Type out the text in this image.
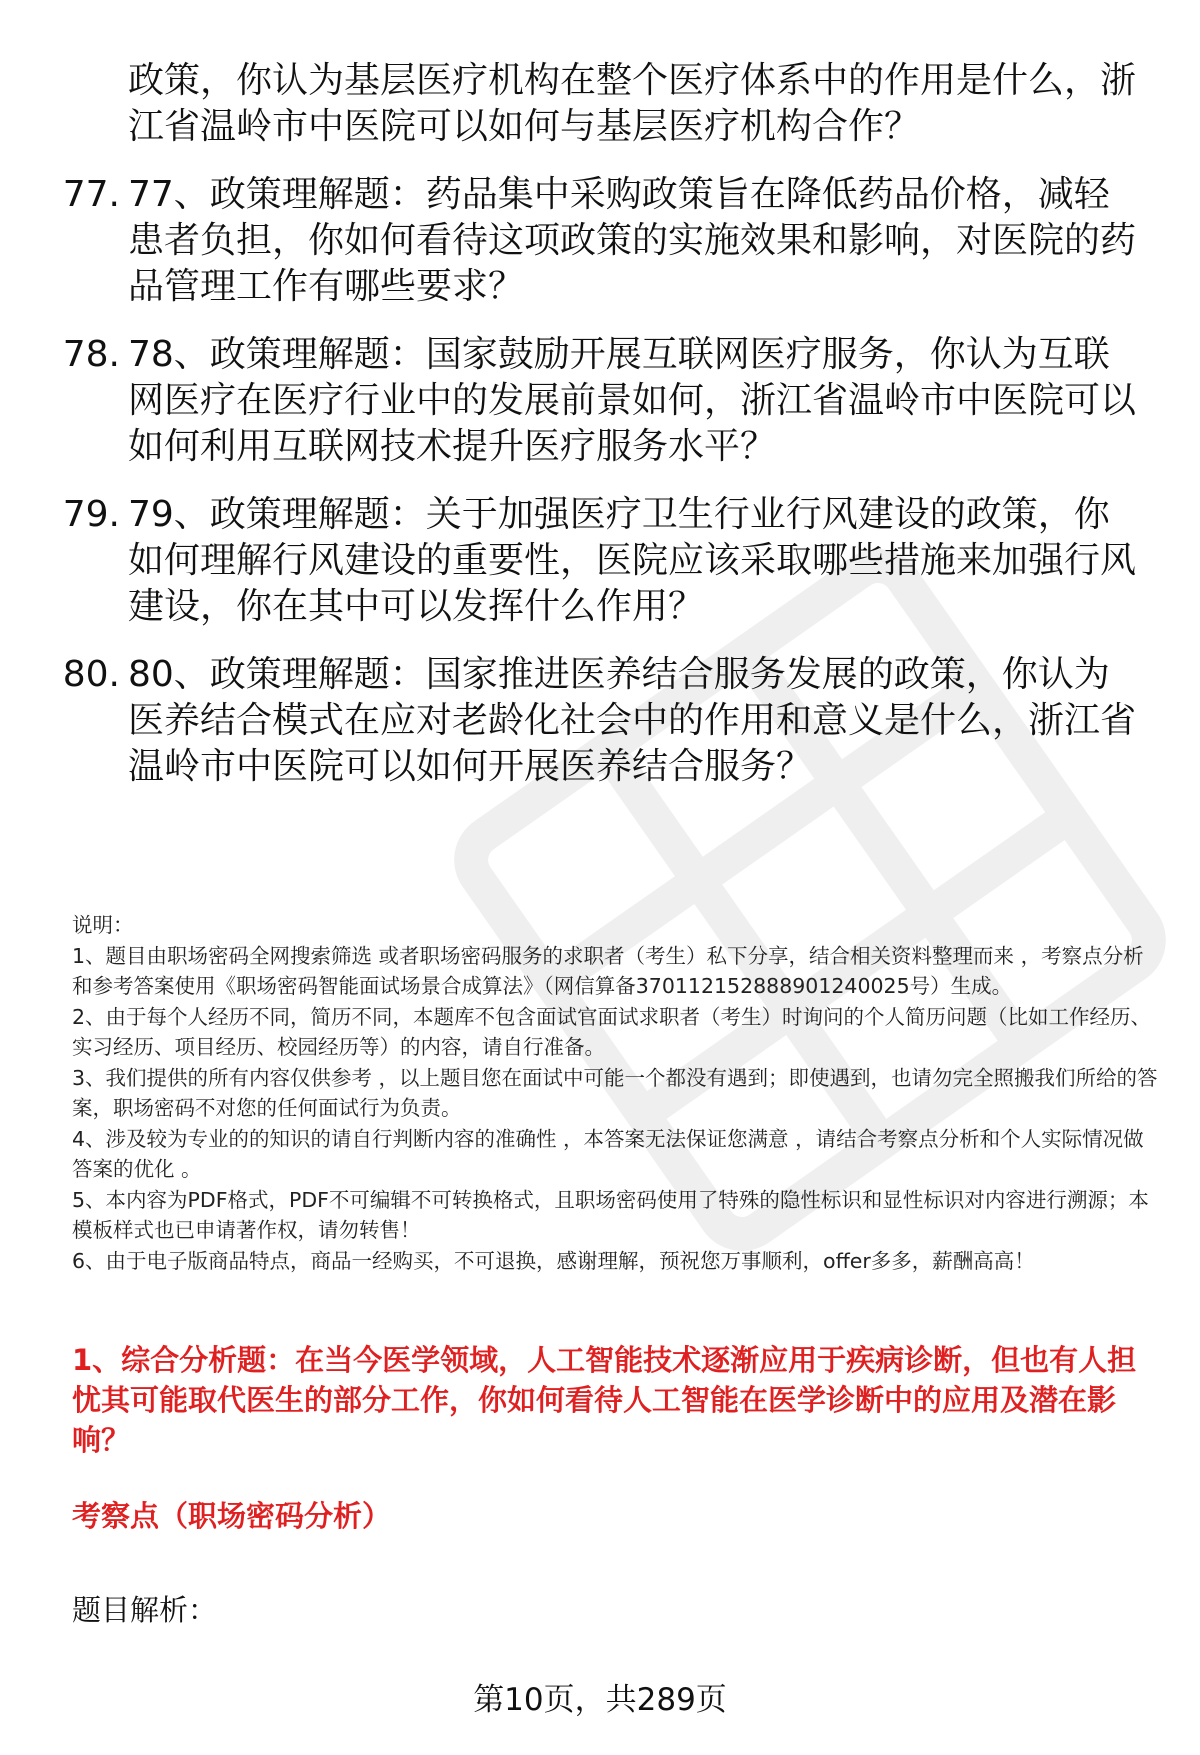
政策，你认为基层医疗机构在整个医疗体系中的作用是什么，浙江省温岭市中医院可以如何与基层医疗机构合作？
77. 77、政策理解题：药品集中采购政策旨在降低药品价格，减轻患者负担，你如何看待这项政策的实施效果和影响，对医院的药品管理工作有哪些要求？
78. 78、政策理解题：国家鼓励开展互联网医疗服务，你认为互联网医疗在医疗行业中的发展前景如何，浙江省温岭市中医院可以如何利用互联网技术提升医疗服务水平？
79. 79、政策理解题：关于加强医疗卫生行业行风建设的政策，你如何理解行风建设的重要性，医院应该采取哪些措施来加强行风建设，你在其中可以发挥什么作用？
80. 80、政策理解题：国家推进医养结合服务发展的政策，你认为医养结合模式在应对老龄化社会中的作用和意义是什么，浙江省温岭市中医院可以如何开展医养结合服务？

说明：

1、题目由职场密码全网搜索筛选 或者职场密码服务的求职者（考生）私下分享，结合相关资料整理而来 ，考察点分析和参考答案使用《职场密码智能面试场景合成算法》（网信算备370112152888901240025号）生成。

2、由于每个人经历不同，简历不同，本题库不包含面试官面试求职者（考生）时询问的个人简历问题（比如工作经历、实习经历、项目经历、校园经历等）的内容，请自行准备。

3、我们提供的所有内容仅供参考 ，以上题目您在面试中可能一个都没有遇到；即使遇到，也请勿完全照搬我们所给的答案，职场密码不对您的任何面试行为负责。

4、涉及较为专业的的知识的请自行判断内容的准确性 ，本答案无法保证您满意 ，请结合考察点分析和个人实际情况做答案的优化 。

5、本内容为PDF格式，PDF不可编辑不可转换格式，且职场密码使用了特殊的隐性标识和显性标识对内容进行溯源；本模板样式也已申请著作权，请勿转售！

6、由于电子版商品特点，商品一经购买，不可退换，感谢理解，预祝您万事顺利，offer多多，薪酬高高！

1、综合分析题：在当今医学领域，人工智能技术逐渐应用于疾病诊断，但也有人担忧其可能取代医生的部分工作，你如何看待人工智能在医学诊断中的应用及潜在影响？
考察点（职场密码分析）
题目解析：
第10页，共289页
